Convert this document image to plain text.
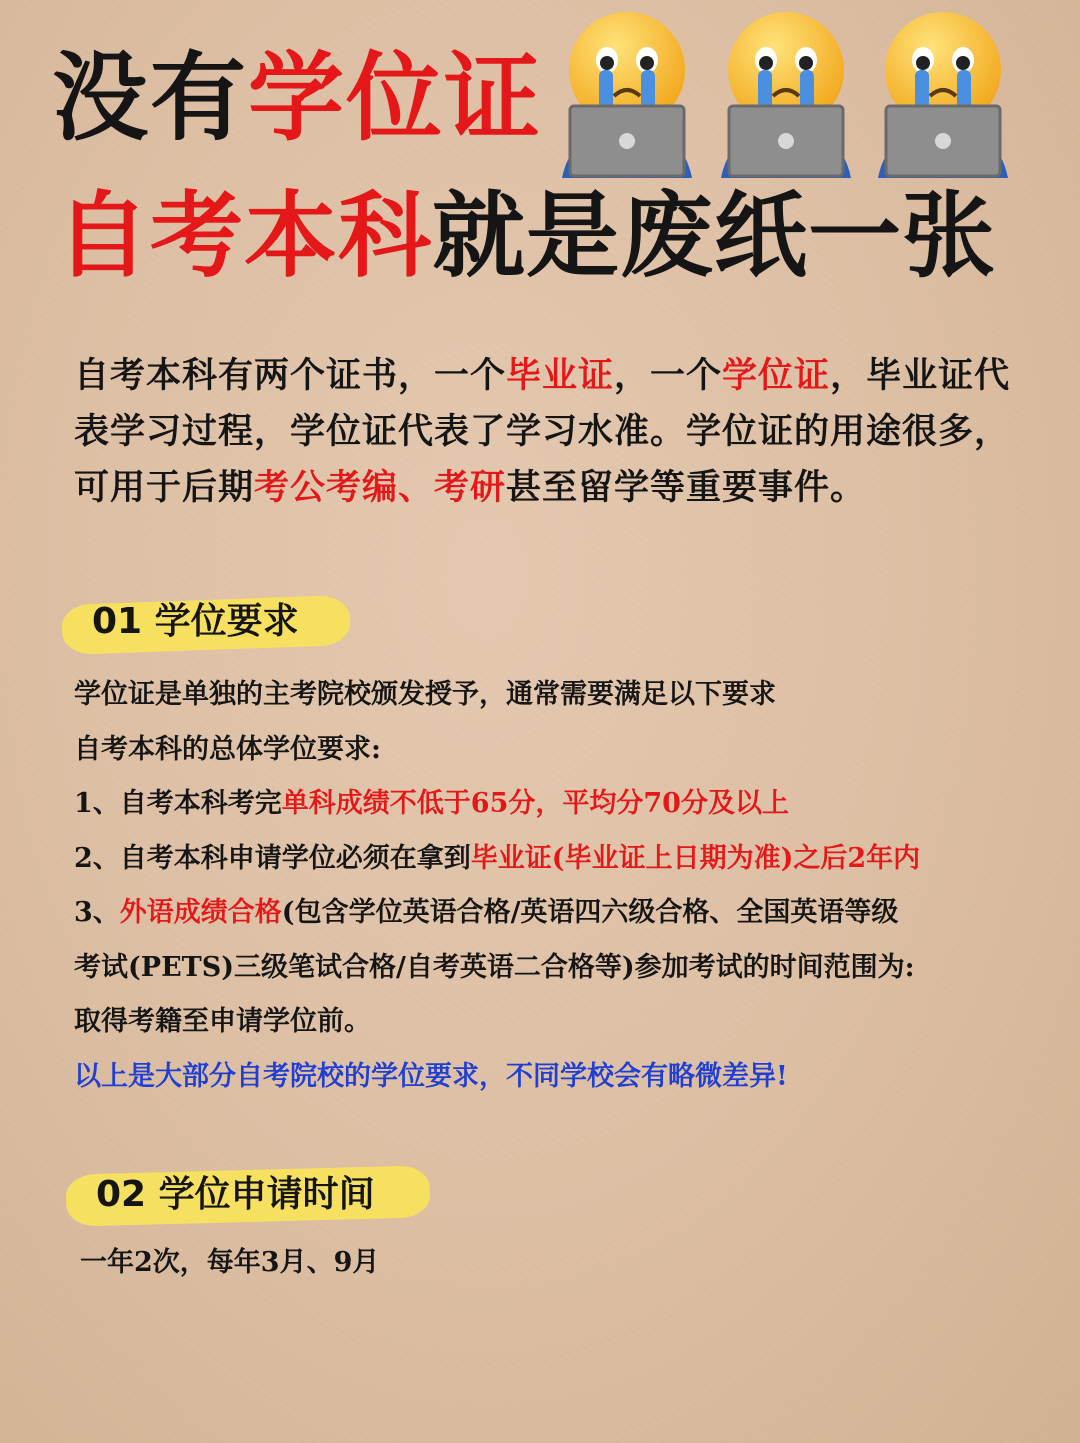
没有学位证
自考本科就是废纸一张
自考本科有两个证书，一个毕业证，一个学位证，毕业证代表学习过程，学位证代表了学习水准。学位证的用途很多，可用于后期考公考编、考研甚至留学等重要事件。
01 学位要求
学位证是单独的主考院校颁发授予，通常需要满足以下要求
自考本科的总体学位要求:
1、自考本科考完单科成绩不低于65分，平均分70分及以上
2、自考本科申请学位必须在拿到毕业证(毕业证上日期为准)之后2年内
3、外语成绩合格(包含学位英语合格/英语四六级合格、全国英语等级
考试(PETS)三级笔试合格/自考英语二合格等)参加考试的时间范围为:
取得考籍至申请学位前。
以上是大部分自考院校的学位要求，不同学校会有略微差异!
02 学位申请时间
一年2次，每年3月、9月
